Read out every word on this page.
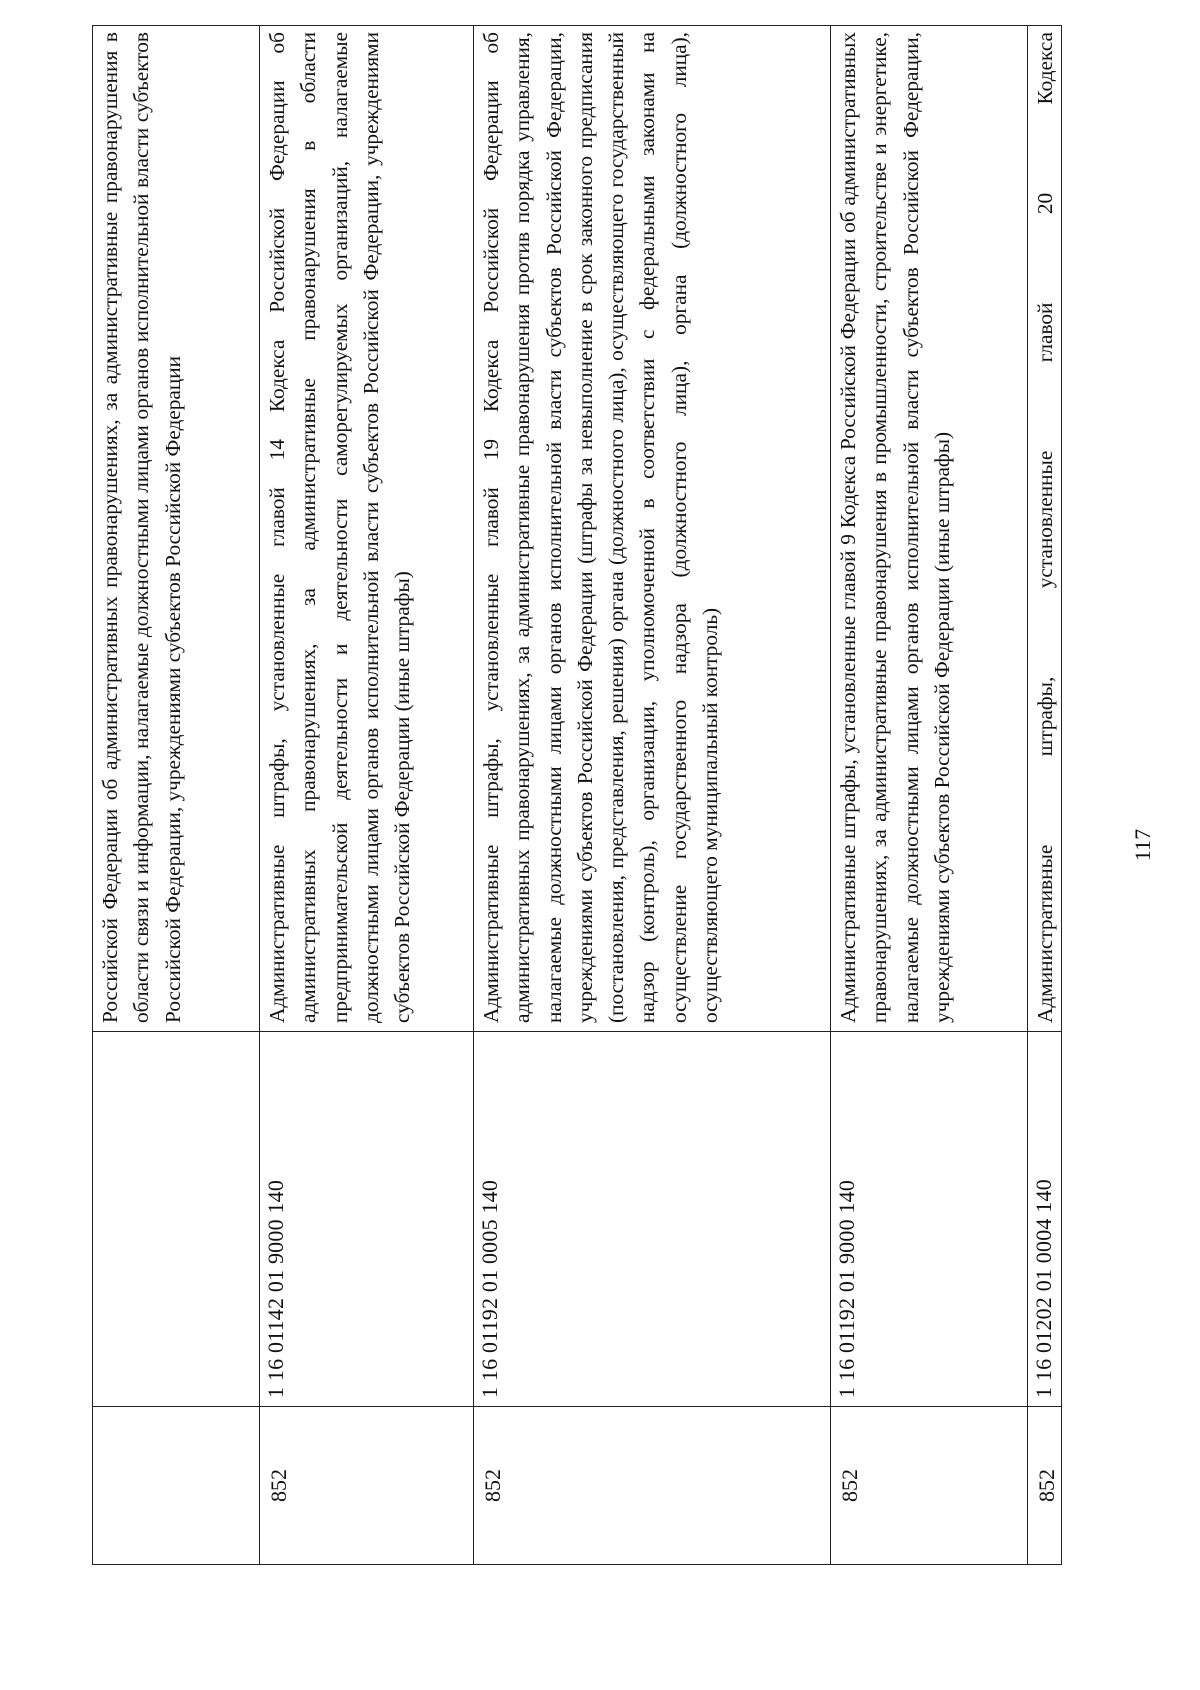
		Российской Федерации об административных правонарушениях, за административные правонарушения в области связи и информации, налагаемые должностными лицами органов исполнительной власти субъектов Российской Федерации, учреждениями субъектов Российской Федерации

852	1 16 01142 01 9000 140	Административные штрафы, установленные главой 14 Кодекса Российской Федерации об административных правонарушениях, за административные правонарушения в области предпринимательской деятельности и деятельности саморегулируемых организаций, налагаемые должностными лицами органов исполнительной власти субъектов Российской Федерации, учреждениями субъектов Российской Федерации (иные штрафы)

852	1 16 01192 01 0005 140	Административные штрафы, установленные главой 19 Кодекса Российской Федерации об административных правонарушениях, за административные правонарушения против порядка управления, налагаемые должностными лицами органов исполнительной власти субъектов Российской Федерации, учреждениями субъектов Российской Федерации (штрафы за невыполнение в срок законного предписания (постановления, представления, решения) органа (должностного лица), осуществляющего государственный надзор (контроль), организации, уполномоченной в соответствии с федеральными законами на осуществление государственного надзора (должностного лица), органа (должностного лица), осуществляющего муниципальный контроль)

852	1 16 01192 01 9000 140	Административные штрафы, установленные главой 9 Кодекса Российской Федерации об административных правонарушениях, за административные правонарушения в промышленности, строительстве и энергетике, налагаемые должностными лицами органов исполнительной власти субъектов Российской Федерации, учреждениями субъектов Российской Федерации (иные штрафы)

852	1 16 01202 01 0004 140	Административные штрафы, установленные главой 20 Кодекса	117
